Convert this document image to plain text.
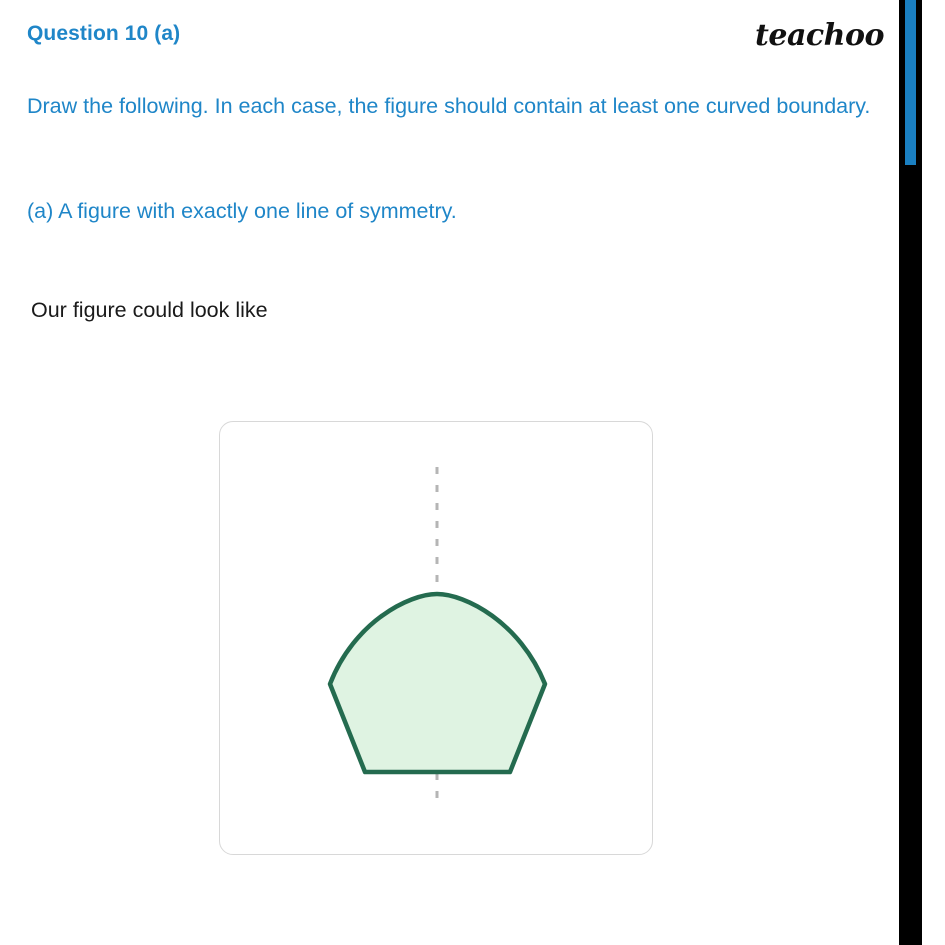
Question 10 (a)	teachoo
Draw the following. In each case, the figure should contain at least one curved boundary.
(a) A figure with exactly one line of symmetry.
Our figure could look like
